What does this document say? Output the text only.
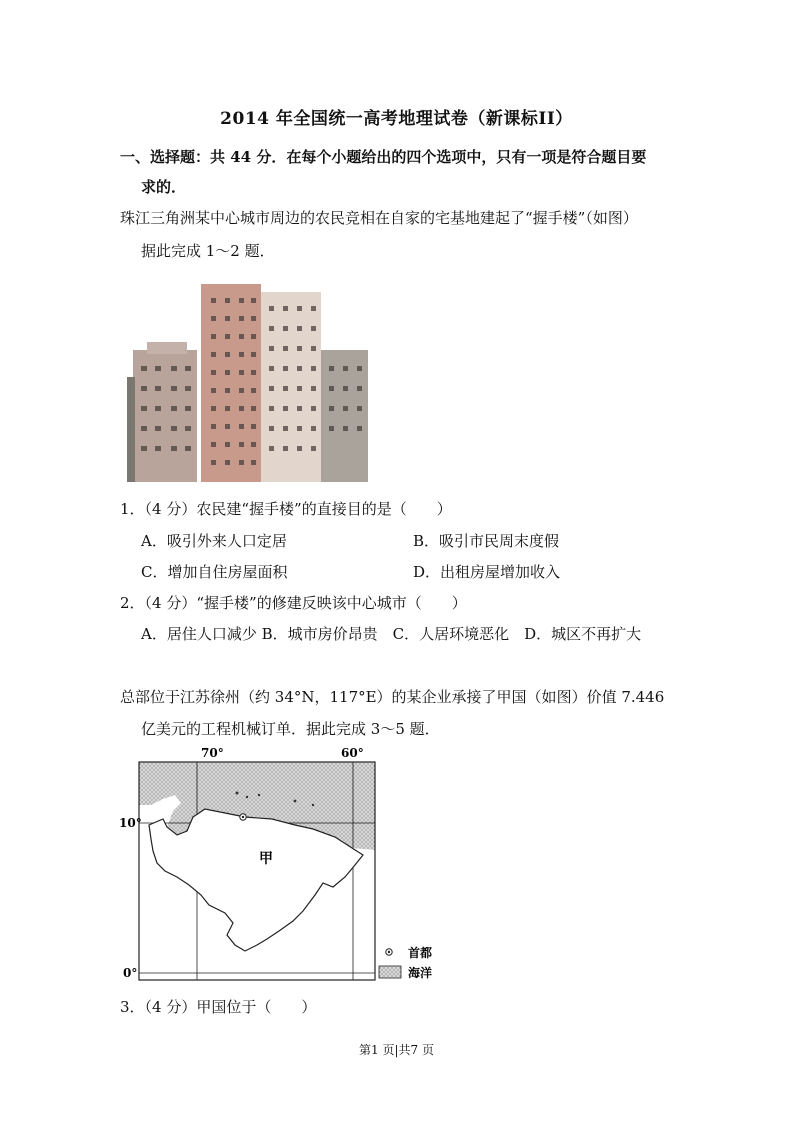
2014 年全国统一高考地理试卷（新课标II）
一、选择题：共 44 分．在每个小题给出的四个选项中，只有一项是符合题目要
求的．
珠江三角洲某中心城市周边的农民竞相在自家的宅基地建起了“握手楼”（如图）
据此完成 1～2 题．
1．（4 分）农民建“握手楼”的直接目的是（　　）
A．吸引外来人口定居	B．吸引市民周末度假
C．增加自住房屋面积	D．出租房屋增加收入
2．（4 分）“握手楼”的修建反映该中心城市（　　）
A．居住人口减少 B．城市房价昂贵　C．人居环境恶化　D．城区不再扩大
总部位于江苏徐州（约 34°N，117°E）的某企业承接了甲国（如图）价值 7.446
亿美元的工程机械订单．据此完成 3～5 题．
70°	60°
10°
0°
甲
首都
海洋
3．（4 分）甲国位于（　　）
第1 页|共7 页
